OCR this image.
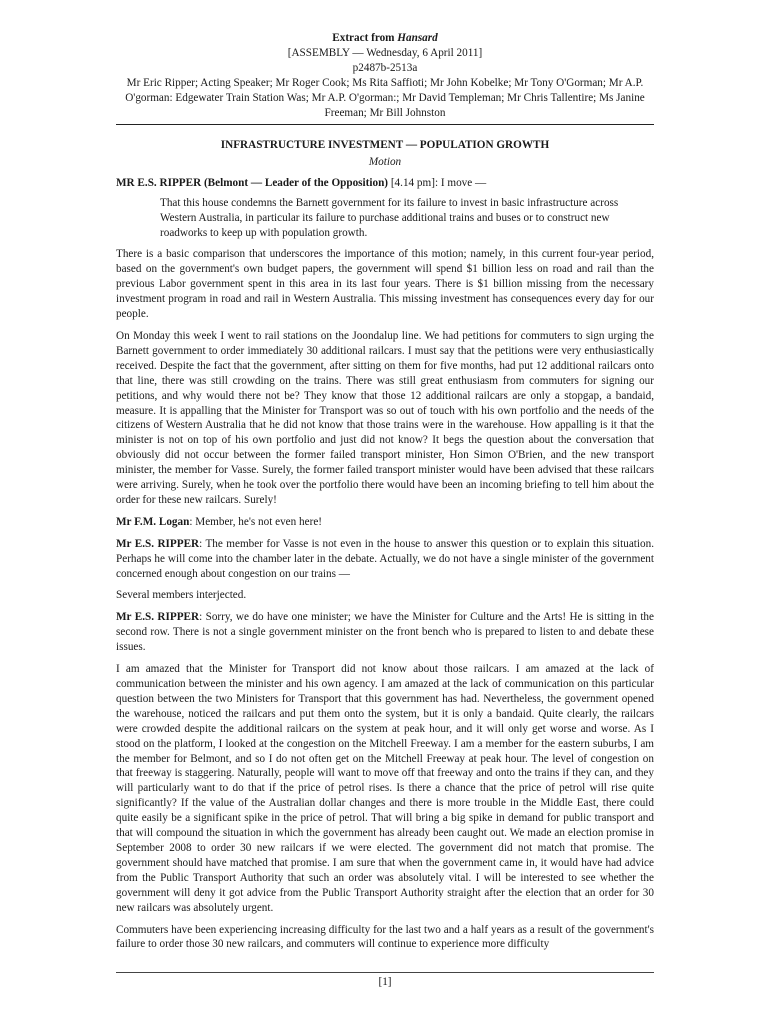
Extract from Hansard
[ASSEMBLY — Wednesday, 6 April 2011]
p2487b-2513a
Mr Eric Ripper; Acting Speaker; Mr Roger Cook; Ms Rita Saffioti; Mr John Kobelke; Mr Tony O'Gorman; Mr A.P. O'gorman: Edgewater Train Station Was; Mr A.P. O'gorman:; Mr David Templeman; Mr Chris Tallentire; Ms Janine Freeman; Mr Bill Johnston

INFRASTRUCTURE INVESTMENT — POPULATION GROWTH

Motion

MR E.S. RIPPER (Belmont — Leader of the Opposition) [4.14 pm]: I move —

That this house condemns the Barnett government for its failure to invest in basic infrastructure across Western Australia, in particular its failure to purchase additional trains and buses or to construct new roadworks to keep up with population growth.

There is a basic comparison that underscores the importance of this motion; namely, in this current four-year period, based on the government's own budget papers, the government will spend $1 billion less on road and rail than the previous Labor government spent in this area in its last four years. There is $1 billion missing from the necessary investment program in road and rail in Western Australia. This missing investment has consequences every day for our people.

On Monday this week I went to rail stations on the Joondalup line. We had petitions for commuters to sign urging the Barnett government to order immediately 30 additional railcars. I must say that the petitions were very enthusiastically received. Despite the fact that the government, after sitting on them for five months, had put 12 additional railcars onto that line, there was still crowding on the trains. There was still great enthusiasm from commuters for signing our petitions, and why would there not be? They know that those 12 additional railcars are only a stopgap, a bandaid, measure. It is appalling that the Minister for Transport was so out of touch with his own portfolio and the needs of the citizens of Western Australia that he did not know that those trains were in the warehouse. How appalling is it that the minister is not on top of his own portfolio and just did not know? It begs the question about the conversation that obviously did not occur between the former failed transport minister, Hon Simon O'Brien, and the new transport minister, the member for Vasse. Surely, the former failed transport minister would have been advised that these railcars were arriving. Surely, when he took over the portfolio there would have been an incoming briefing to tell him about the order for these new railcars. Surely!

Mr F.M. Logan: Member, he's not even here!

Mr E.S. RIPPER: The member for Vasse is not even in the house to answer this question or to explain this situation. Perhaps he will come into the chamber later in the debate. Actually, we do not have a single minister of the government concerned enough about congestion on our trains —

Several members interjected.

Mr E.S. RIPPER: Sorry, we do have one minister; we have the Minister for Culture and the Arts! He is sitting in the second row. There is not a single government minister on the front bench who is prepared to listen to and debate these issues.

I am amazed that the Minister for Transport did not know about those railcars. I am amazed at the lack of communication between the minister and his own agency. I am amazed at the lack of communication on this particular question between the two Ministers for Transport that this government has had. Nevertheless, the government opened the warehouse, noticed the railcars and put them onto the system, but it is only a bandaid. Quite clearly, the railcars were crowded despite the additional railcars on the system at peak hour, and it will only get worse and worse. As I stood on the platform, I looked at the congestion on the Mitchell Freeway. I am a member for the eastern suburbs, I am the member for Belmont, and so I do not often get on the Mitchell Freeway at peak hour. The level of congestion on that freeway is staggering. Naturally, people will want to move off that freeway and onto the trains if they can, and they will particularly want to do that if the price of petrol rises. Is there a chance that the price of petrol will rise quite significantly? If the value of the Australian dollar changes and there is more trouble in the Middle East, there could quite easily be a significant spike in the price of petrol. That will bring a big spike in demand for public transport and that will compound the situation in which the government has already been caught out. We made an election promise in September 2008 to order 30 new railcars if we were elected. The government did not match that promise. The government should have matched that promise. I am sure that when the government came in, it would have had advice from the Public Transport Authority that such an order was absolutely vital. I will be interested to see whether the government will deny it got advice from the Public Transport Authority straight after the election that an order for 30 new railcars was absolutely urgent.

Commuters have been experiencing increasing difficulty for the last two and a half years as a result of the government's failure to order those 30 new railcars, and commuters will continue to experience more difficulty

[1]
